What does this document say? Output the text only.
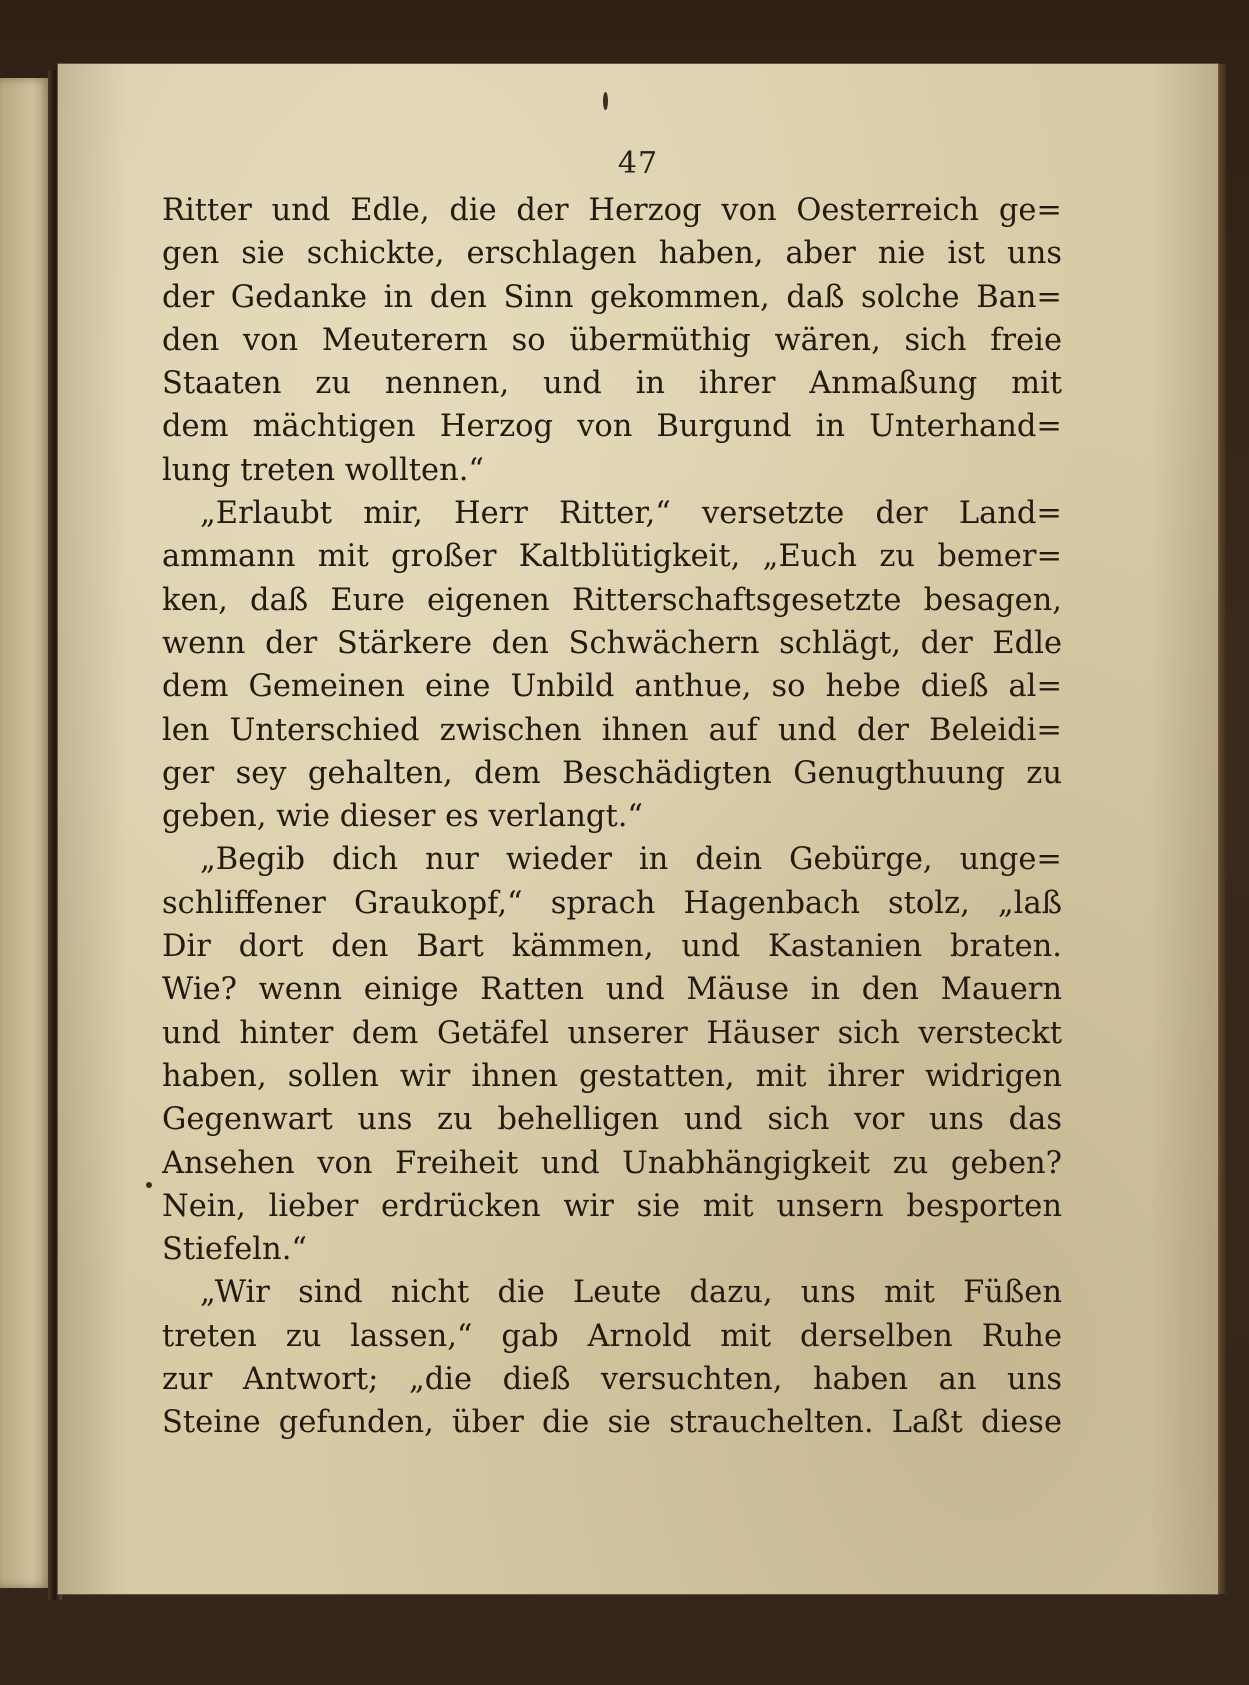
47
Ritter und Edle, die der Herzog von Oesterreich ge=
gen sie schickte, erschlagen haben, aber nie ist uns
der Gedanke in den Sinn gekommen, daß solche Ban=
den von Meuterern so übermüthig wären, sich freie
Staaten zu nennen, und in ihrer Anmaßung mit
dem mächtigen Herzog von Burgund in Unterhand=
lung treten wollten.“
„Erlaubt mir, Herr Ritter,“ versetzte der Land=
ammann mit großer Kaltblütigkeit, „Euch zu bemer=
ken, daß Eure eigenen Ritterschaftsgesetzte besagen,
wenn der Stärkere den Schwächern schlägt, der Edle
dem Gemeinen eine Unbild anthue, so hebe dieß al=
len Unterschied zwischen ihnen auf und der Beleidi=
ger sey gehalten, dem Beschädigten Genugthuung zu
geben, wie dieser es verlangt.“
„Begib dich nur wieder in dein Gebürge, unge=
schliffener Graukopf,“ sprach Hagenbach stolz, „laß
Dir dort den Bart kämmen, und Kastanien braten.
Wie? wenn einige Ratten und Mäuse in den Mauern
und hinter dem Getäfel unserer Häuser sich versteckt
haben, sollen wir ihnen gestatten, mit ihrer widrigen
Gegenwart uns zu behelligen und sich vor uns das
Ansehen von Freiheit und Unabhängigkeit zu geben?
Nein, lieber erdrücken wir sie mit unsern besporten
Stiefeln.“
„Wir sind nicht die Leute dazu, uns mit Füßen
treten zu lassen,“ gab Arnold mit derselben Ruhe
zur Antwort; „die dieß versuchten, haben an uns
Steine gefunden, über die sie strauchelten. Laßt diese
